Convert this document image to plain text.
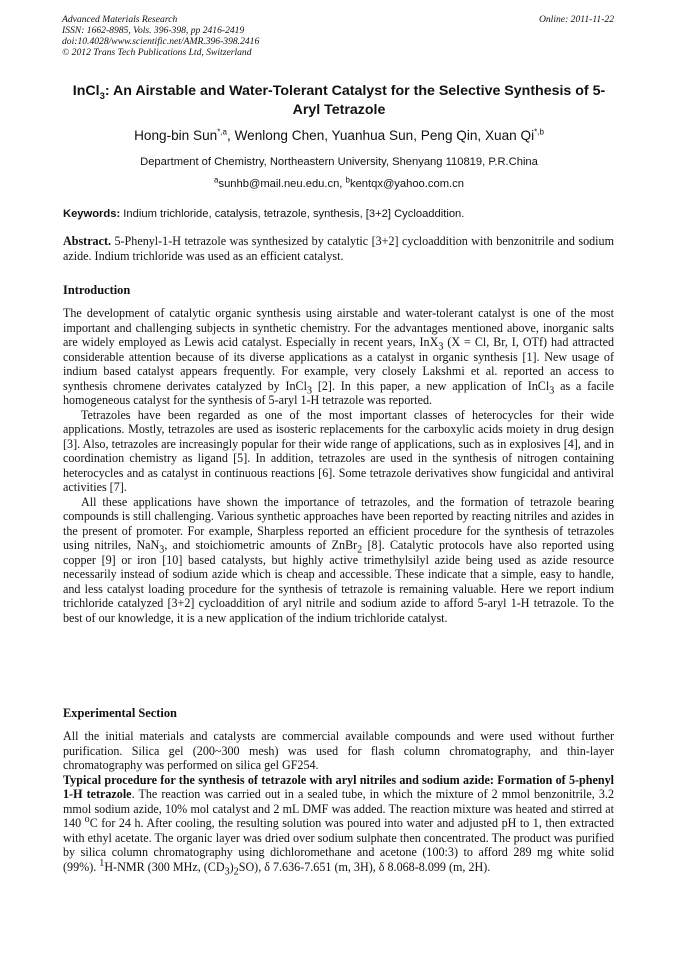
Advanced Materials Research
ISSN: 1662-8985, Vols. 396-398, pp 2416-2419
doi:10.4028/www.scientific.net/AMR.396-398.2416
© 2012 Trans Tech Publications Ltd, Switzerland
Online: 2011-11-22
InCl$_3$: An Airstable and Water-Tolerant Catalyst for the Selective Synthesis of 5-Aryl Tetrazole
Hong-bin Sun$^{*,a}$, Wenlong Chen, Yuanhua Sun, Peng Qin, Xuan $Qi^{*,b}$
Department of Chemistry, Northeastern University, Shenyang 110819, P.R.China
$^a$sunhb@mail.neu.edu.cn, $^b$kentqx@yahoo.com.cn
Keywords: Indium trichloride, catalysis, tetrazole, synthesis, [3+2] Cycloaddition.

Abstract. 5-Phenyl-1-H tetrazole was synthesized by catalytic [3+2] cycloaddition with benzonitrile and sodium azide. Indium trichloride was used as an efficient catalyst.

Introduction

The development of catalytic organic synthesis using airstable and water-tolerant catalyst is one of the most important and challenging subjects in synthetic chemistry. For the advantages mentioned above, inorganic salts are widely employed as Lewis acid catalyst. Especially in recent years, InX$_3$ (X = Cl, Br, I, OTf) had attracted considerable attention because of its diverse applications as a catalyst in organic synthesis [1]. New usage of indium based catalyst appears frequently. For example, very closely Lakshmi et al. reported an access to synthesis chromene derivates catalyzed by InCl$_3$ [2]. In this paper, a new application of InCl$_3$ as a facile homogeneous catalyst for the synthesis of 5-aryl 1-H tetrazole was reported.

Tetrazoles have been regarded as one of the most important classes of heterocycles for their wide applications. Mostly, tetrazoles are used as isosteric replacements for the carboxylic acids moiety in drug design [3]. Also, tetrazoles are increasingly popular for their wide range of applications, such as in explosives [4], and in coordination chemistry as ligand [5]. In addition, tetrazoles are used in the synthesis of nitrogen containing heterocycles and as catalyst in continuous reactions [6]. Some tetrazole derivatives show fungicidal and antiviral activities [7].

All these applications have shown the importance of tetrazoles, and the formation of tetrazole bearing compounds is still challenging. Various synthetic approaches have been reported by reacting nitriles and azides in the present of promoter. For example, Sharpless reported an efficient procedure for the synthesis of tetrazoles using nitriles, NaN$_3$, and stoichiometric amounts of ZnBr$_2$ [8]. Catalytic protocols have also reported using copper [9] or iron [10] based catalysts, but highly active trimethylsilyl azide being used as azide resource necessarily instead of sodium azide which is cheap and accessible. These indicate that a simple, easy to handle, and less catalyst loading procedure for the synthesis of tetrazole is remaining valuable. Here we report indium trichloride catalyzed [3+2] cycloaddition of aryl nitrile and sodium azide to afford 5-aryl 1-H tetrazole. To the best of our knowledge, it is a new application of the indium trichloride catalyst.

Experimental Section

All the initial materials and catalysts are commercial available compounds and were used without further purification. Silica gel (200~300 mesh) was used for flash column chromatography, and thin-layer chromatography was performed on silica gel GF254.

Typical procedure for the synthesis of tetrazole with aryl nitriles and sodium azide: Formation of 5-phenyl 1-H tetrazole. The reaction was carried out in a sealed tube, in which the mixture of 2 mmol benzonitrile, 3.2 mmol sodium azide, 10% mol catalyst and 2 mL DMF was added. The reaction mixture was heated and stirred at 140 $^o$C for 24 h. After cooling, the resulting solution was poured into water and adjusted pH to 1, then extracted with ethyl acetate. The organic layer was dried over sodium sulphate then concentrated. The product was purified by silica column chromatography using dichloromethane and acetone (100:3) to afford 289 mg white solid (99%). $^1$H-NMR (300 MHz, $(CD_3)_2SO$), δ 7.636-7.651 (m, 3H), δ 8.068-8.099 (m, 2H).
